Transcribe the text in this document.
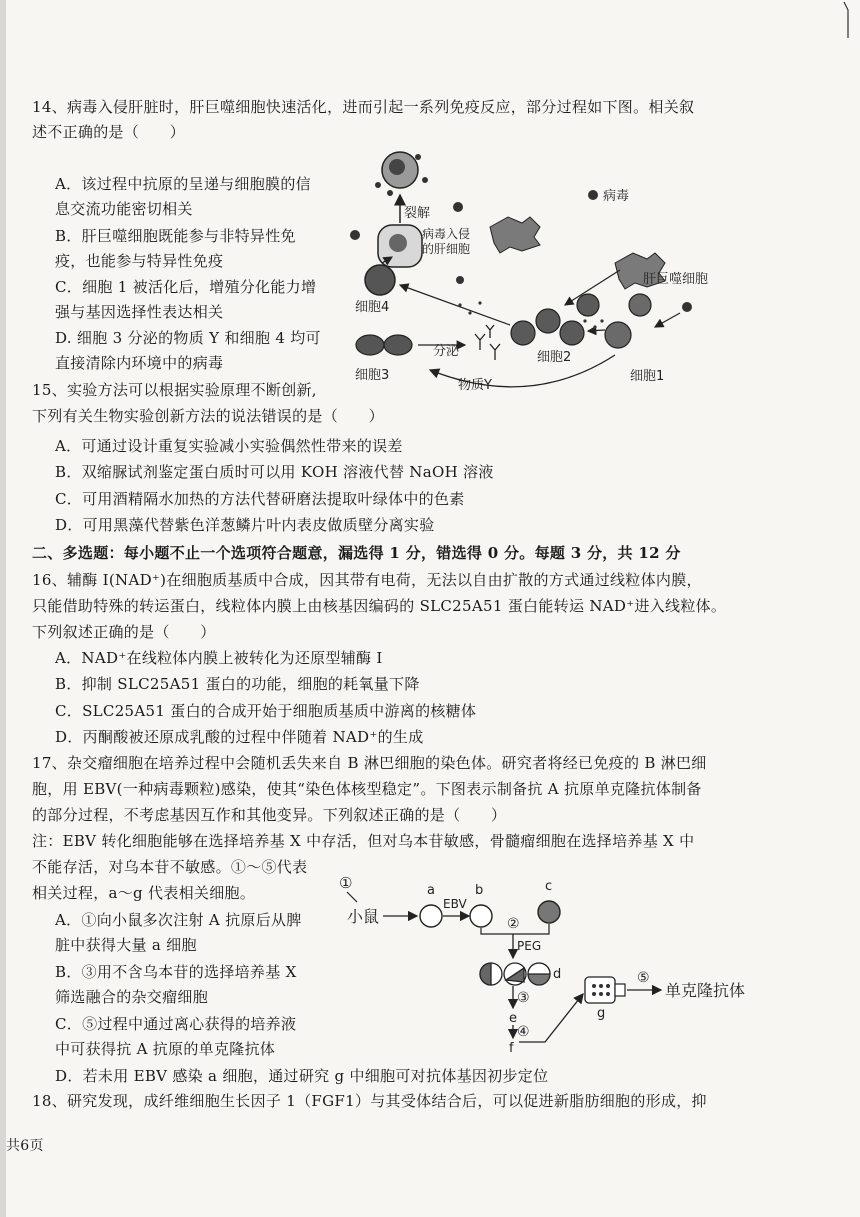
14、病毒入侵肝脏时，肝巨噬细胞快速活化，进而引起一系列免疫反应，部分过程如下图。相关叙
述不正确的是（　　）
A．该过程中抗原的呈递与细胞膜的信
息交流功能密切相关
B．肝巨噬细胞既能参与非特异性免
疫，也能参与特异性免疫
C．细胞 1 被活化后，增殖分化能力增
强与基因选择性表达相关
D. 细胞 3 分泌的物质 Y 和细胞 4 均可
直接清除内环境中的病毒
裂解
病毒
病毒入侵
的肝细胞
肝巨噬细胞
细胞4
细胞2
细胞1
细胞3
分泌
物质Y
15、实验方法可以根据实验原理不断创新,
下列有关生物实验创新方法的说法错误的是（　　）
A．可通过设计重复实验减小实验偶然性带来的误差
B．双缩脲试剂鉴定蛋白质时可以用 KOH 溶液代替 NaOH 溶液
C．可用酒精隔水加热的方法代替研磨法提取叶绿体中的色素
D．可用黑藻代替紫色洋葱鳞片叶内表皮做质壁分离实验
二、多选题：每小题不止一个选项符合题意，漏选得 1 分，错选得 0 分。每题 3 分，共 12 分
16、辅酶 I(NAD⁺)在细胞质基质中合成，因其带有电荷，无法以自由扩散的方式通过线粒体内膜，
只能借助特殊的转运蛋白，线粒体内膜上由核基因编码的 SLC25A51 蛋白能转运 NAD⁺进入线粒体。
下列叙述正确的是（　　）
A．NAD⁺在线粒体内膜上被转化为还原型辅酶 I
B．抑制 SLC25A51 蛋白的功能，细胞的耗氧量下降
C．SLC25A51 蛋白的合成开始于细胞质基质中游离的核糖体
D．丙酮酸被还原成乳酸的过程中伴随着 NAD⁺的生成
17、杂交瘤细胞在培养过程中会随机丢失来自 B 淋巴细胞的染色体。研究者将经已免疫的 B 淋巴细
胞，用 EBV(一种病毒颗粒)感染，使其“染色体核型稳定”。下图表示制备抗 A 抗原单克隆抗体制备
的部分过程，不考虑基因互作和其他变异。下列叙述正确的是（　　）
注：EBV 转化细胞能够在选择培养基 X 中存活，但对乌本苷敏感，骨髓瘤细胞在选择培养基 X 中
不能存活，对乌本苷不敏感。①～⑤代表
相关过程，a～g 代表相关细胞。
A．①向小鼠多次注射 A 抗原后从脾
脏中获得大量 a 细胞
B．③用不含乌本苷的选择培养基 X
筛选融合的杂交瘤细胞
C．⑤过程中通过离心获得的培养液
中可获得抗 A 抗原的单克隆抗体
D．若未用 EBV 感染 a 细胞，通过研究 g 中细胞可对抗体基因初步定位
①
小鼠
a
EBV
b	c
②
PEG
d
③
e
④
f
g
⑤
单克隆抗体
18、研究发现，成纤维细胞生长因子 1（FGF1）与其受体结合后，可以促进新脂肪细胞的形成，抑
共6页
